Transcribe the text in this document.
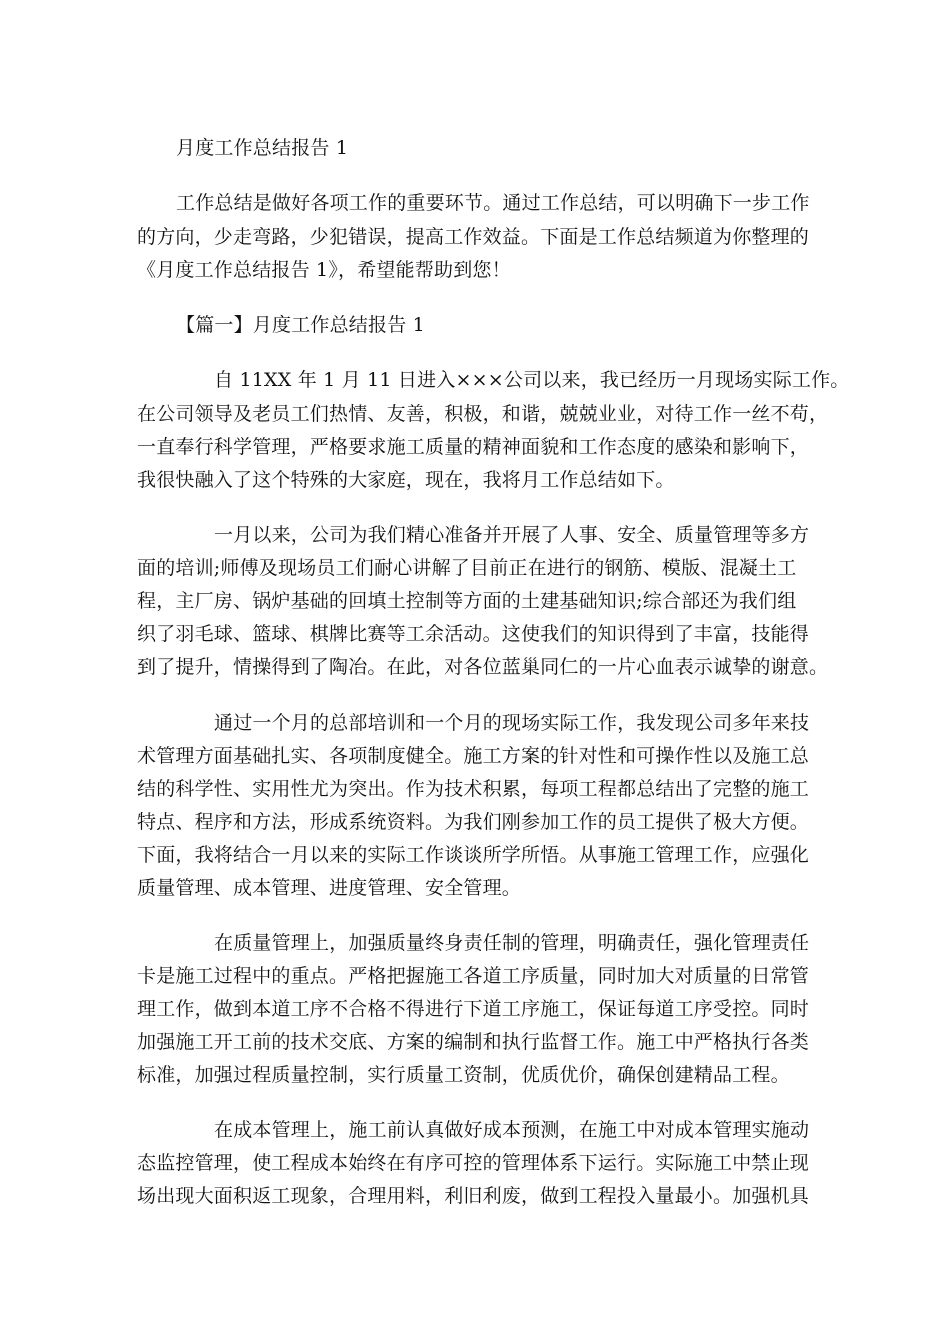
月度工作总结报告 1
工作总结是做好各项工作的重要环节。通过工作总结，可以明确下一步工作
的方向，少走弯路，少犯错误，提高工作效益。下面是工作总结频道为你整理的
《月度工作总结报告 1》，希望能帮助到您！
【篇一】月度工作总结报告 1
自 11XX 年 1 月 11 日进入×××公司以来，我已经历一月现场实际工作。
在公司领导及老员工们热情、友善，积极，和谐，兢兢业业，对待工作一丝不苟，
一直奉行科学管理，严格要求施工质量的精神面貌和工作态度的感染和影响下，
我很快融入了这个特殊的大家庭，现在，我将月工作总结如下。
一月以来，公司为我们精心准备并开展了人事、安全、质量管理等多方
面的培训;师傅及现场员工们耐心讲解了目前正在进行的钢筋、模版、混凝土工
程，主厂房、锅炉基础的回填土控制等方面的土建基础知识;综合部还为我们组
织了羽毛球、篮球、棋牌比赛等工余活动。这使我们的知识得到了丰富，技能得
到了提升，情操得到了陶冶。在此，对各位蓝巢同仁的一片心血表示诚挚的谢意。
通过一个月的总部培训和一个月的现场实际工作，我发现公司多年来技
术管理方面基础扎实、各项制度健全。施工方案的针对性和可操作性以及施工总
结的科学性、实用性尤为突出。作为技术积累，每项工程都总结出了完整的施工
特点、程序和方法，形成系统资料。为我们刚参加工作的员工提供了极大方便。
下面，我将结合一月以来的实际工作谈谈所学所悟。从事施工管理工作，应强化
质量管理、成本管理、进度管理、安全管理。
在质量管理上，加强质量终身责任制的管理，明确责任，强化管理责任
卡是施工过程中的重点。严格把握施工各道工序质量，同时加大对质量的日常管
理工作，做到本道工序不合格不得进行下道工序施工，保证每道工序受控。同时
加强施工开工前的技术交底、方案的编制和执行监督工作。施工中严格执行各类
标准，加强过程质量控制，实行质量工资制，优质优价，确保创建精品工程。
在成本管理上，施工前认真做好成本预测，在施工中对成本管理实施动
态监控管理，使工程成本始终在有序可控的管理体系下运行。实际施工中禁止现
场出现大面积返工现象，合理用料，利旧利废，做到工程投入量最小。加强机具
